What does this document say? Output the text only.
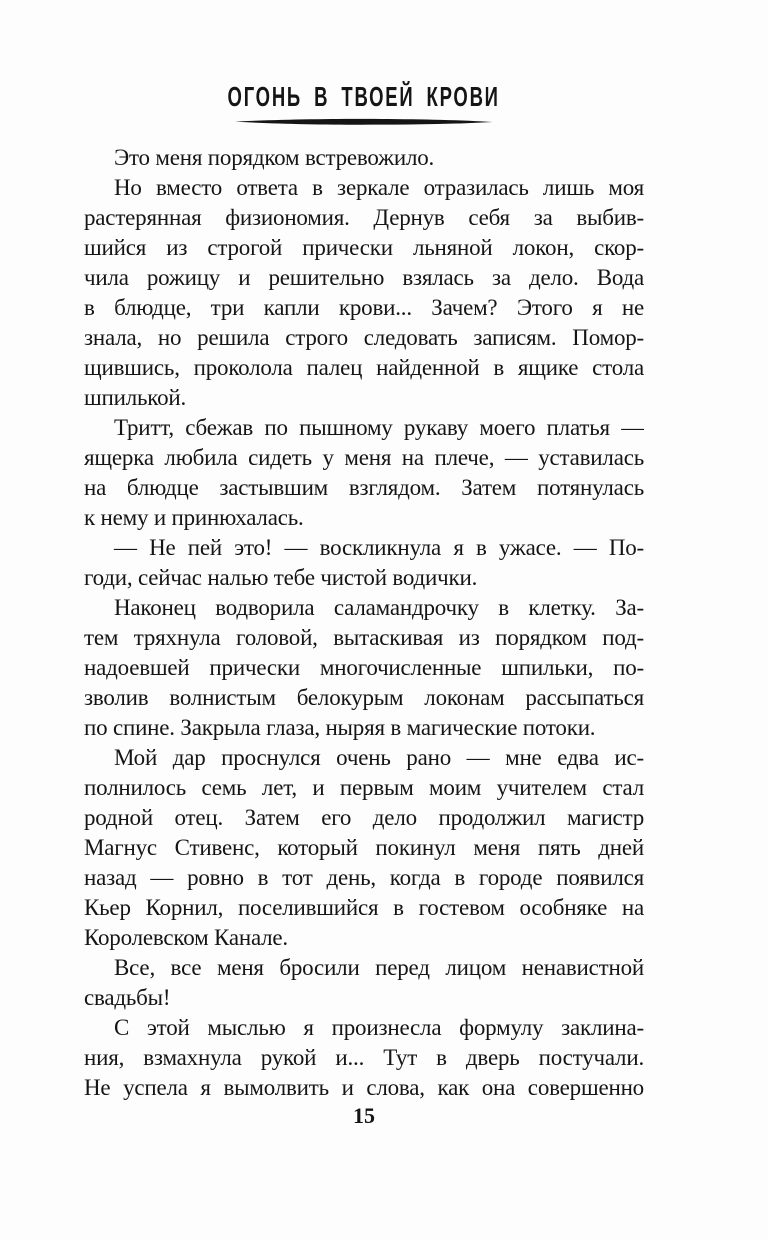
ОГОНЬ В ТВОЕЙ КРОВИ

Это меня порядком встревожило.

Но вместо ответа в зеркале отразилась лишь моя
растерянная физиономия. Дернув себя за выбив-
шийся из строгой прически льняной локон, скор-
чила рожицу и решительно взялась за дело. Вода
в блюдце, три капли крови... Зачем? Этого я не
знала, но решила строго следовать записям. Помор-
щившись, проколола палец найденной в ящике стола
шпилькой.

Тритт, сбежав по пышному рукаву моего платья —
ящерка любила сидеть у меня на плече, — уставилась
на блюдце застывшим взглядом. Затем потянулась
к нему и принюхалась.

— Не пей это! — воскликнула я в ужасе. — По-
годи, сейчас налью тебе чистой водички.

Наконец водворила саламандрочку в клетку. За-
тем тряхнула головой, вытаскивая из порядком под-
надоевшей прически многочисленные шпильки, по-
зволив волнистым белокурым локонам рассыпаться
по спине. Закрыла глаза, ныряя в магические потоки.

Мой дар проснулся очень рано — мне едва ис-
полнилось семь лет, и первым моим учителем стал
родной отец. Затем его дело продолжил магистр
Магнус Стивенс, который покинул меня пять дней
назад — ровно в тот день, когда в городе появился
Кьер Корнил, поселившийся в гостевом особняке на
Королевском Канале.

Все, все меня бросили перед лицом ненавистной
свадьбы!

С этой мыслью я произнесла формулу заклина-
ния, взмахнула рукой и... Тут в дверь постучали.
Не успела я вымолвить и слова, как она совершенно

15
